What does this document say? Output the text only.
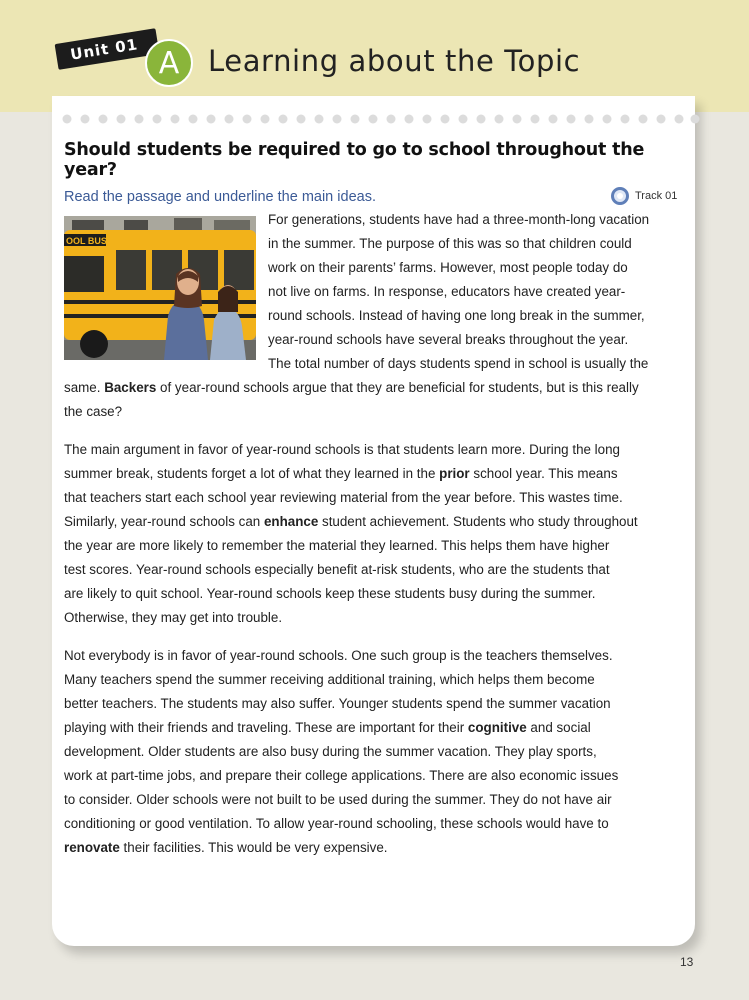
Unit 01 A Learning about the Topic
Should students be required to go to school throughout the year?
Read the passage and underline the main ideas.	Track 01
OOL BUS
For generations, students have had a three-month-long vacation
in the summer. The purpose of this was so that children could
work on their parents’ farms. However, most people today do
not live on farms. In response, educators have created year-
round schools. Instead of having one long break in the summer,
year-round schools have several breaks throughout the year.
The total number of days students spend in school is usually the
same. Backers of year-round schools argue that they are beneficial for students, but is this really
the case?
The main argument in favor of year-round schools is that students learn more. During the long
summer break, students forget a lot of what they learned in the prior school year. This means
that teachers start each school year reviewing material from the year before. This wastes time.
Similarly, year-round schools can enhance student achievement. Students who study throughout
the year are more likely to remember the material they learned. This helps them have higher
test scores. Year-round schools especially benefit at-risk students, who are the students that
are likely to quit school. Year-round schools keep these students busy during the summer.
Otherwise, they may get into trouble.
Not everybody is in favor of year-round schools. One such group is the teachers themselves.
Many teachers spend the summer receiving additional training, which helps them become
better teachers. The students may also suffer. Younger students spend the summer vacation
playing with their friends and traveling. These are important for their cognitive and social
development. Older students are also busy during the summer vacation. They play sports,
work at part-time jobs, and prepare their college applications. There are also economic issues
to consider. Older schools were not built to be used during the summer. They do not have air
conditioning or good ventilation. To allow year-round schooling, these schools would have to
renovate their facilities. This would be very expensive.
13
